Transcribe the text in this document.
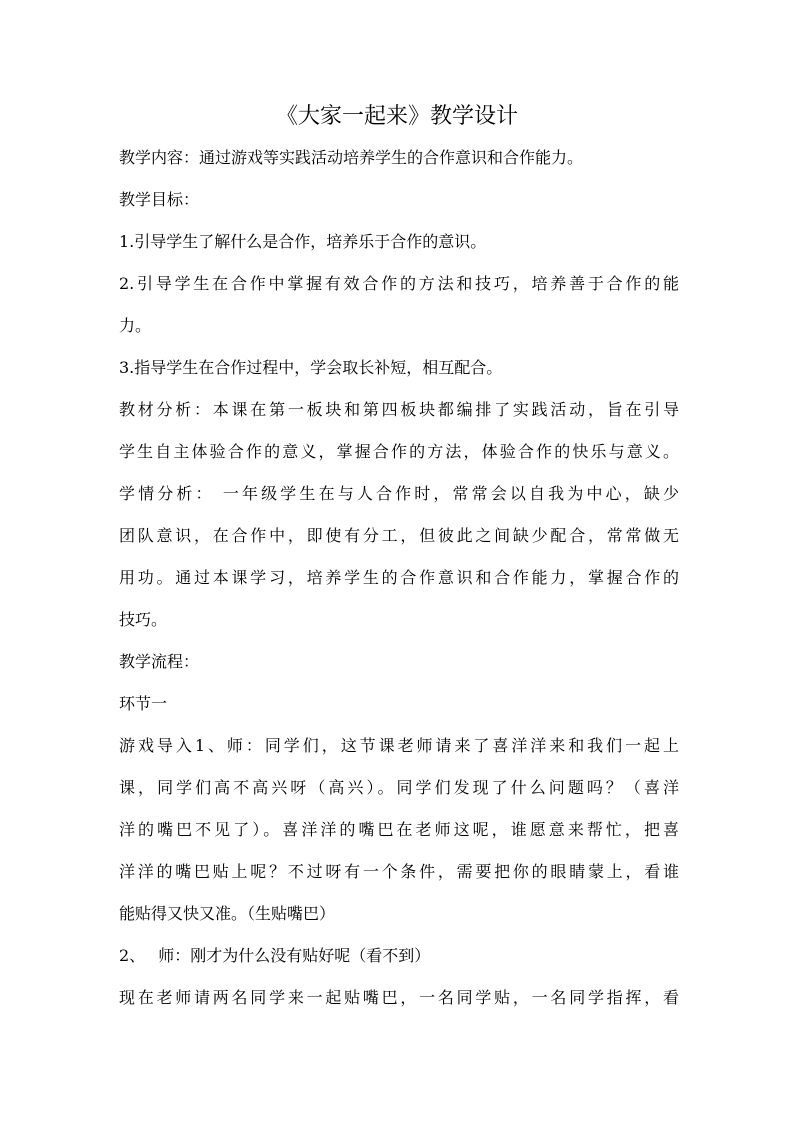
《大家一起来》教学设计
教学内容：通过游戏等实践活动培养学生的合作意识和合作能力。
教学目标：
1.引导学生了解什么是合作，培养乐于合作的意识。
2.引导学生在合作中掌握有效合作的方法和技巧，培养善于合作的能
力。
3.指导学生在合作过程中，学会取长补短，相互配合。
教材分析：本课在第一板块和第四板块都编排了实践活动，旨在引导
学生自主体验合作的意义，掌握合作的方法，体验合作的快乐与意义。
学情分析： 一年级学生在与人合作时，常常会以自我为中心，缺少
团队意识，在合作中，即使有分工，但彼此之间缺少配合，常常做无
用功。通过本课学习，培养学生的合作意识和合作能力，掌握合作的
技巧。
教学流程：
环节一
游戏导入1、师：同学们，这节课老师请来了喜洋洋来和我们一起上
课，同学们高不高兴呀（高兴）。同学们发现了什么问题吗？（喜洋
洋的嘴巴不见了）。喜洋洋的嘴巴在老师这呢，谁愿意来帮忙，把喜
洋洋的嘴巴贴上呢？不过呀有一个条件，需要把你的眼睛蒙上，看谁
能贴得又快又准。（生贴嘴巴）
2、　 师：刚才为什么没有贴好呢（看不到）
现在老师请两名同学来一起贴嘴巴，一名同学贴，一名同学指挥，看
